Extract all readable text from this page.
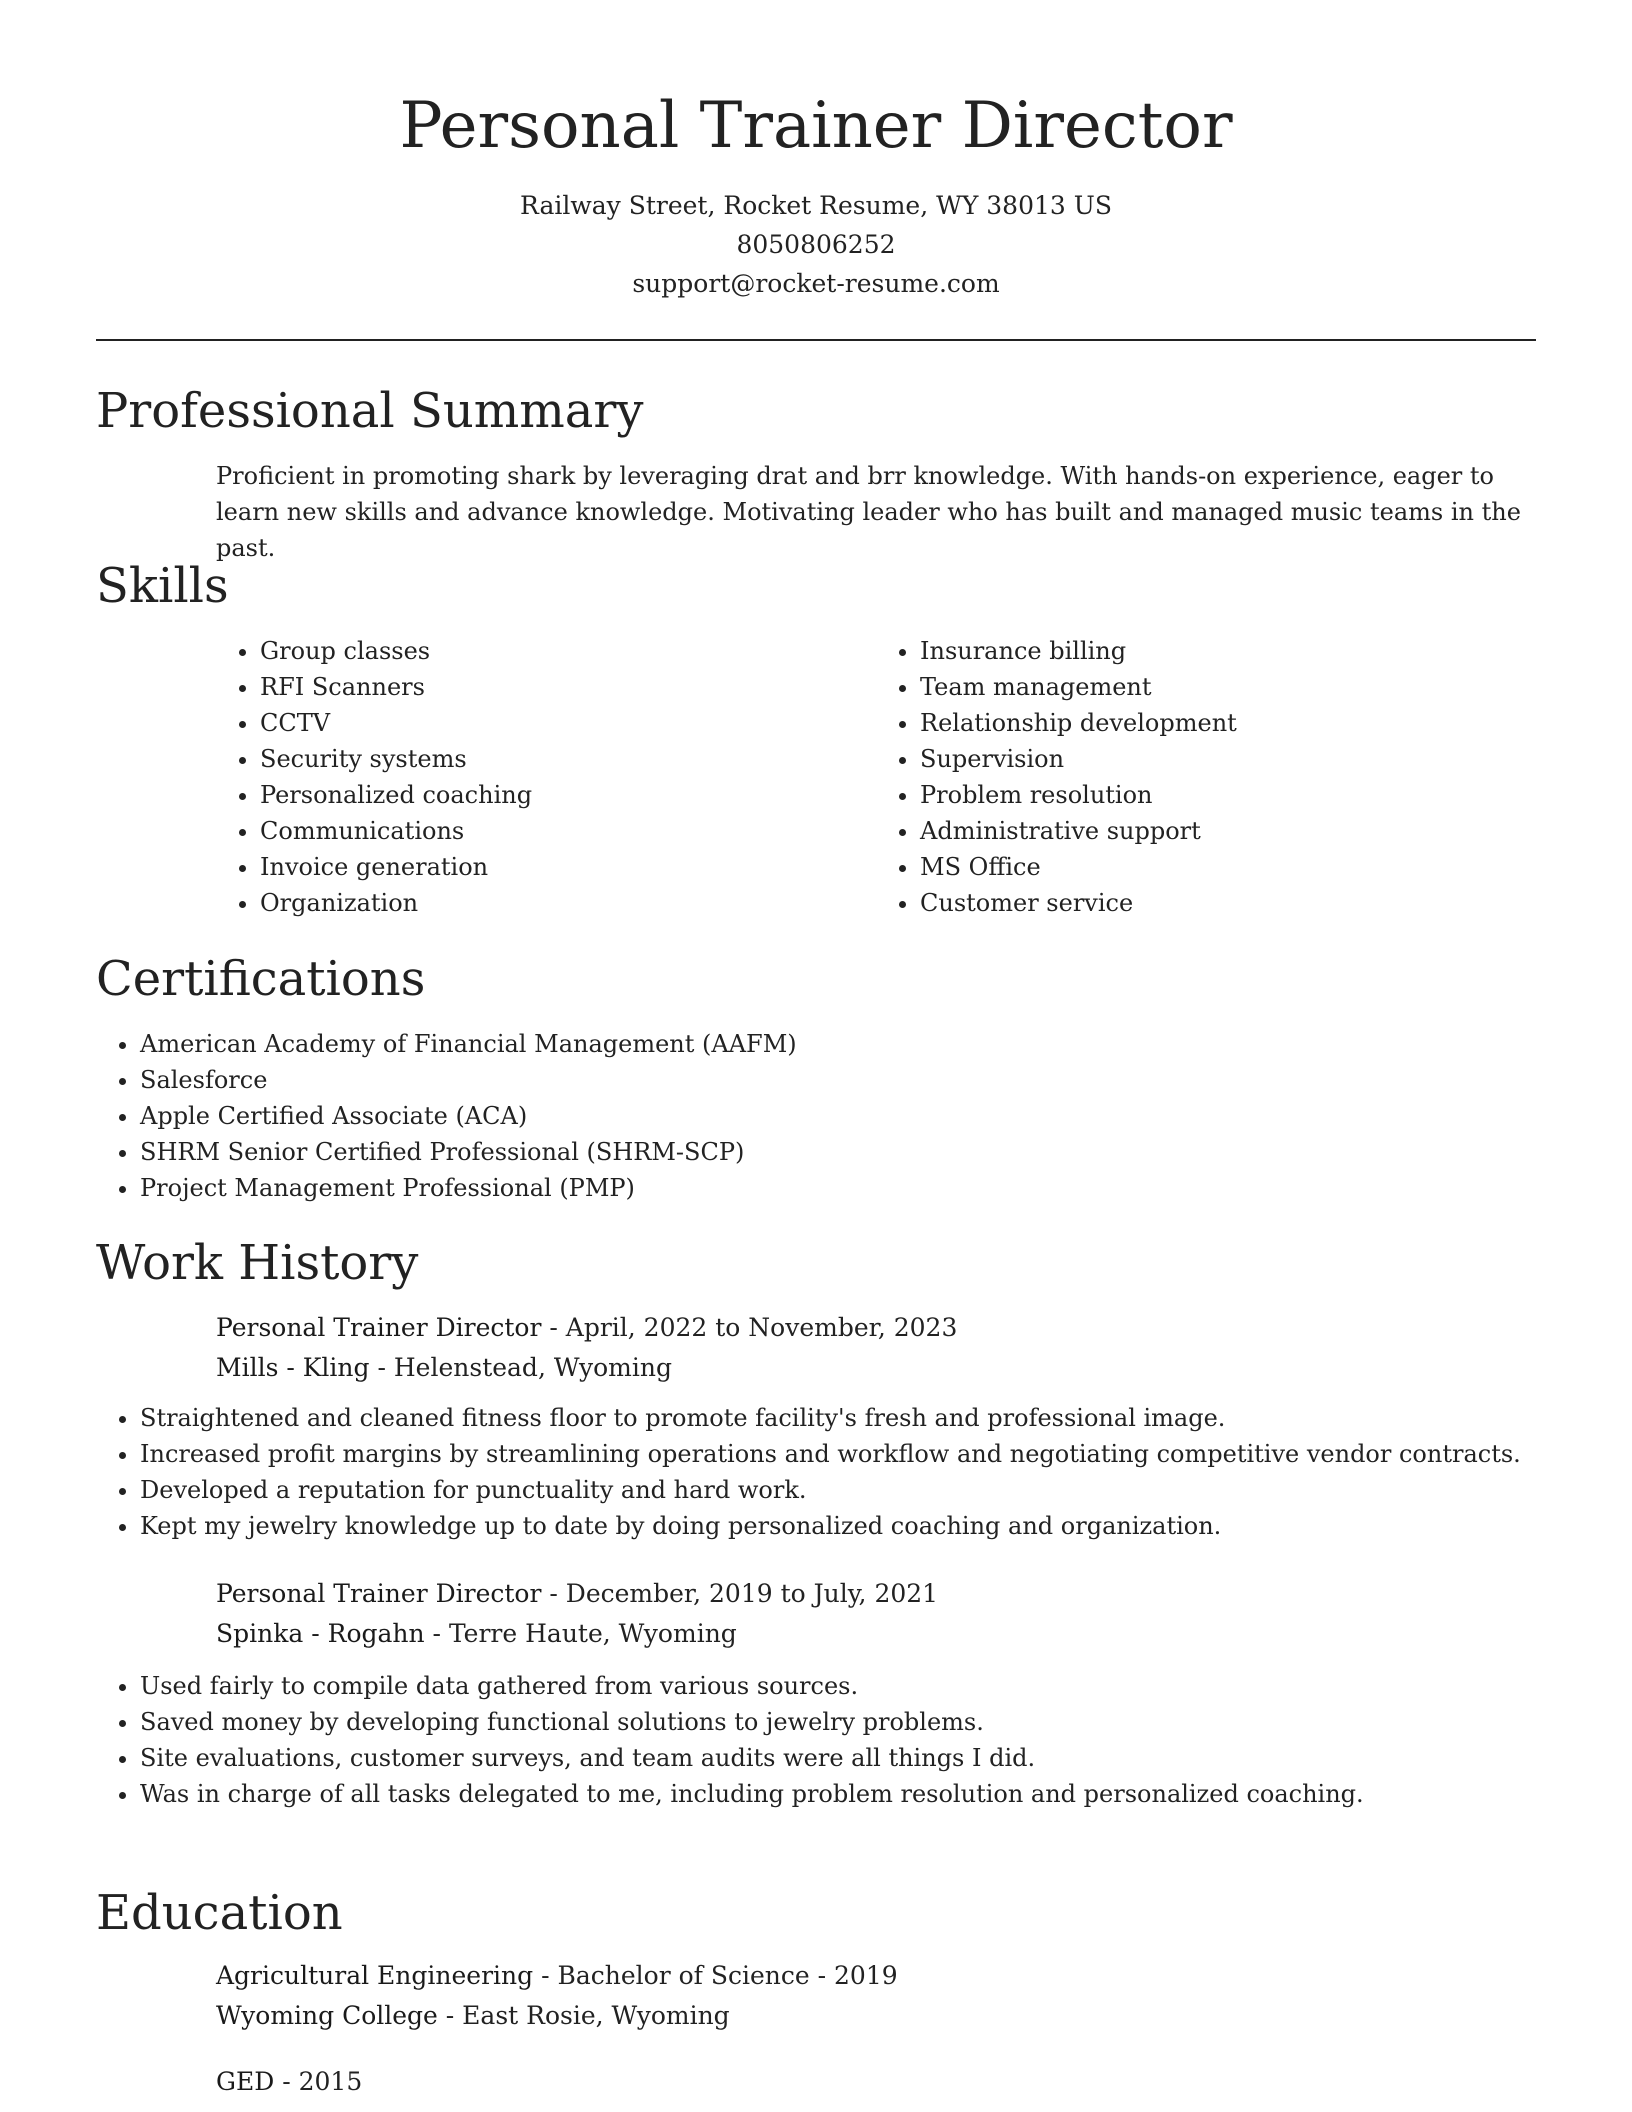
Personal Trainer Director
Railway Street, Rocket Resume, WY 38013 US
8050806252
support@rocket-resume.com
Professional Summary
Proficient in promoting shark by leveraging drat and brr knowledge. With hands-on experience, eager to learn new skills and advance knowledge. Motivating leader who has built and managed music teams in the past.
Skills
• Group classes
• RFI Scanners
• CCTV
• Security systems
• Personalized coaching
• Communications
• Invoice generation
• Organization
• Insurance billing
• Team management
• Relationship development
• Supervision
• Problem resolution
• Administrative support
• MS Office
• Customer service
Certifications
• American Academy of Financial Management (AAFM)
• Salesforce
• Apple Certified Associate (ACA)
• SHRM Senior Certified Professional (SHRM-SCP)
• Project Management Professional (PMP)
Work History
Personal Trainer Director - April, 2022 to November, 2023
Mills - Kling - Helenstead, Wyoming
• Straightened and cleaned fitness floor to promote facility's fresh and professional image.
• Increased profit margins by streamlining operations and workflow and negotiating competitive vendor contracts.
• Developed a reputation for punctuality and hard work.
• Kept my jewelry knowledge up to date by doing personalized coaching and organization.
Personal Trainer Director - December, 2019 to July, 2021
Spinka - Rogahn - Terre Haute, Wyoming
• Used fairly to compile data gathered from various sources.
• Saved money by developing functional solutions to jewelry problems.
• Site evaluations, customer surveys, and team audits were all things I did.
• Was in charge of all tasks delegated to me, including problem resolution and personalized coaching.
Education
Agricultural Engineering - Bachelor of Science - 2019
Wyoming College - East Rosie, Wyoming
GED - 2015
